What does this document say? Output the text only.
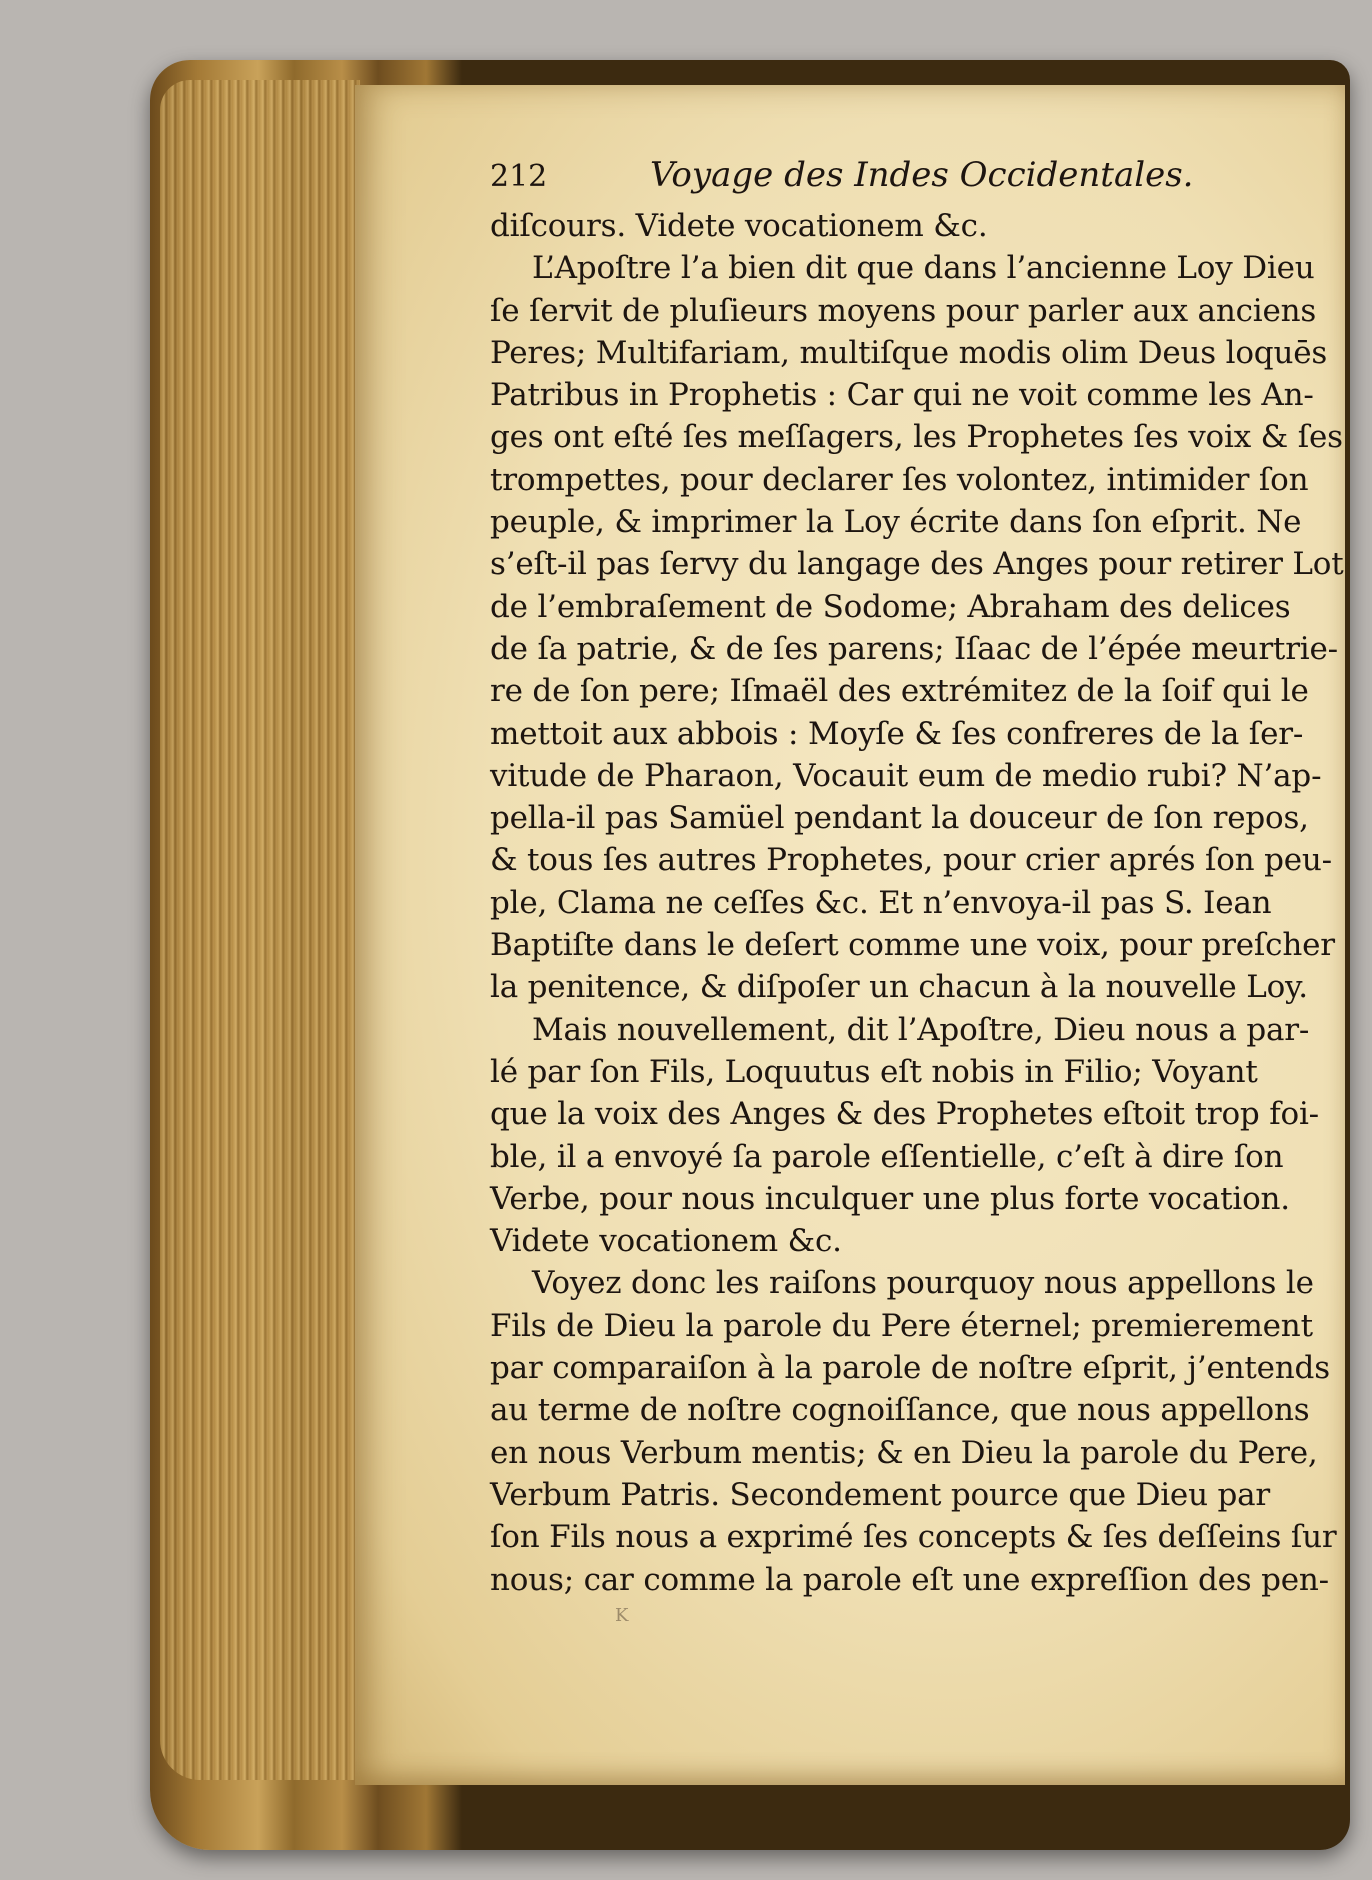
212	Voyage des Indes Occidentales.
diſcours. Videte vocationem &c.
L’Apoſtre l’a bien dit que dans l’ancienne Loy Dieu
ſe ſervit de pluſieurs moyens pour parler aux anciens
Peres; Multifariam, multiſque modis olim Deus loquēs
Patribus in Prophetis : Car qui ne voit comme les An-
ges ont eſté ſes meſſagers, les Prophetes ſes voix & ſes
trompettes, pour declarer ſes volontez, intimider ſon
peuple, & imprimer la Loy écrite dans ſon eſprit. Ne
s’eſt-il pas ſervy du langage des Anges pour retirer Lot
de l’embraſement de Sodome; Abraham des delices
de ſa patrie, & de ſes parens; Iſaac de l’épée meurtrie-
re de ſon pere; Iſmaël des extrémitez de la ſoif qui le
mettoit aux abbois : Moyſe & ſes confreres de la ſer-
vitude de Pharaon, Vocauit eum de medio rubi? N’ap-
pella-il pas Samüel pendant la douceur de ſon repos,
& tous ſes autres Prophetes, pour crier aprés ſon peu-
ple, Clama ne ceſſes &c. Et n’envoya-il pas S. Iean
Baptiſte dans le deſert comme une voix, pour preſcher
la penitence, & diſpoſer un chacun à la nouvelle Loy.
Mais nouvellement, dit l’Apoſtre, Dieu nous a par-
lé par ſon Fils, Loquutus eſt nobis in Filio; Voyant
que la voix des Anges & des Prophetes eſtoit trop foi-
ble, il a envoyé ſa parole eſſentielle, c’eſt à dire ſon
Verbe, pour nous inculquer une plus forte vocation.
Videte vocationem &c.
Voyez donc les raiſons pourquoy nous appellons le
Fils de Dieu la parole du Pere éternel; premierement
par comparaiſon à la parole de noſtre eſprit, j’entends
au terme de noſtre cognoiſſance, que nous appellons
en nous Verbum mentis; & en Dieu la parole du Pere,
Verbum Patris. Secondement pource que Dieu par
ſon Fils nous a exprimé ſes concepts & ſes deſſeins ſur
nous; car comme la parole eſt une expreſſion des pen-
K
